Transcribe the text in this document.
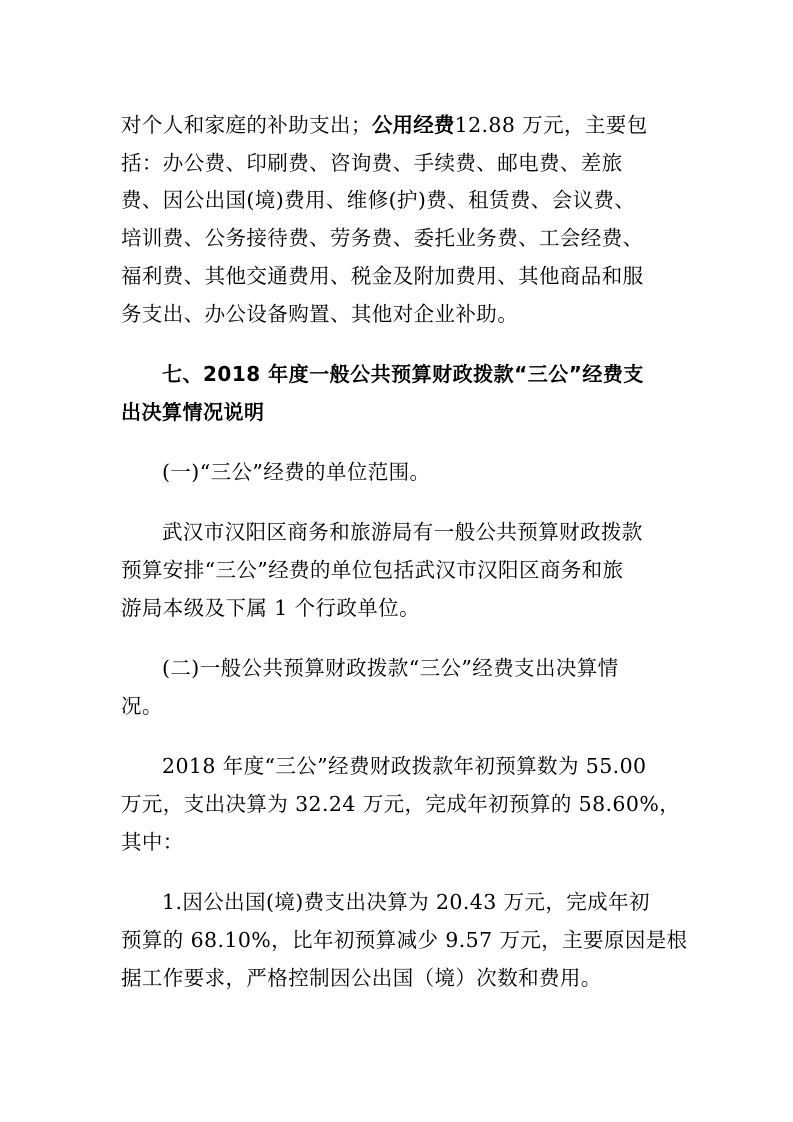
对个人和家庭的补助支出；公用经费12.88 万元，主要包
括：办公费、印刷费、咨询费、手续费、邮电费、差旅
费、因公出国(境)费用、维修(护)费、租赁费、会议费、
培训费、公务接待费、劳务费、委托业务费、工会经费、
福利费、其他交通费用、税金及附加费用、其他商品和服
务支出、办公设备购置、其他对企业补助。
七、2018 年度一般公共预算财政拨款“三公”经费支
出决算情况说明
(一)“三公”经费的单位范围。
武汉市汉阳区商务和旅游局有一般公共预算财政拨款
预算安排“三公”经费的单位包括武汉市汉阳区商务和旅
游局本级及下属 1 个行政单位。
(二)一般公共预算财政拨款“三公”经费支出决算情
况。
2018 年度“三公”经费财政拨款年初预算数为 55.00
万元，支出决算为 32.24 万元，完成年初预算的 58.60%，
其中：
1.因公出国(境)费支出决算为 20.43 万元，完成年初
预算的 68.10%，比年初预算减少 9.57 万元，主要原因是根
据工作要求，严格控制因公出国（境）次数和费用。
